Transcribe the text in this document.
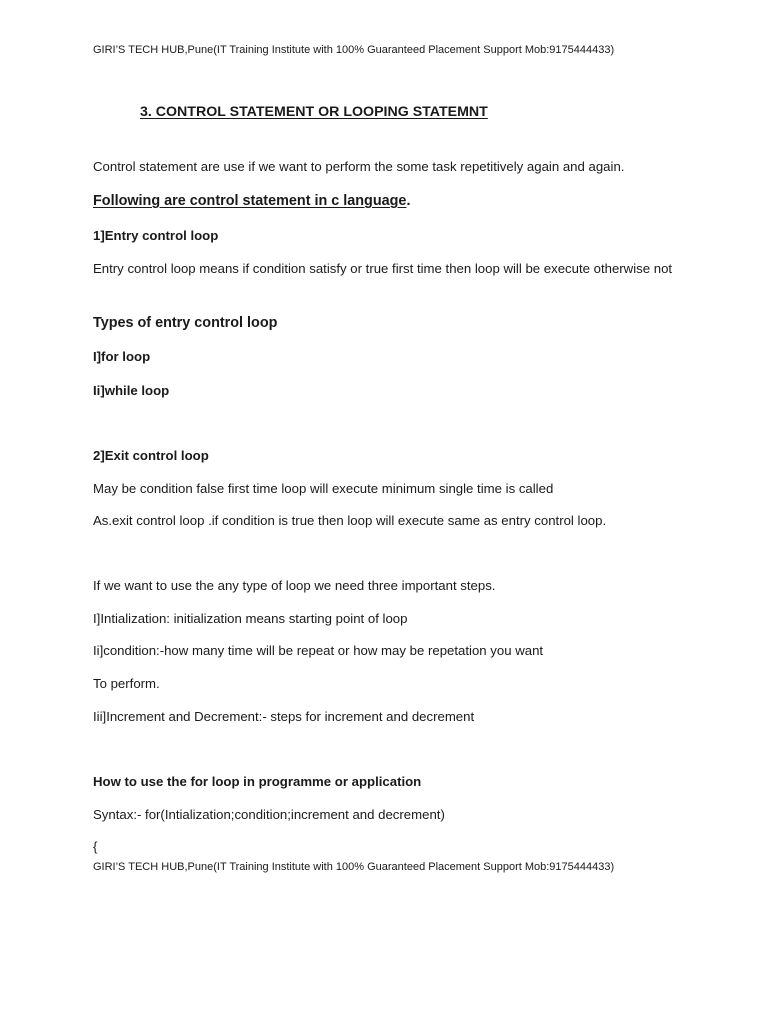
GIRI’S TECH HUB,Pune(IT Training Institute with 100% Guaranteed Placement Support Mob:9175444433)
3. CONTROL STATEMENT OR LOOPING STATEMNT
Control statement are use if we want to perform the some task repetitively again and again.
Following are control statement in c language.
1]Entry control loop
Entry control loop means if condition satisfy or true first time then loop will be execute otherwise not
Types of entry control loop
I]for loop
Ii]while loop
2]Exit control loop
May be condition false first time loop will execute minimum single time is called
As.exit control loop .if condition is true then loop will execute same as entry control loop.
If we want to use the any type of loop we need three important steps.
I]Intialization: initialization means starting point of loop
Ii]condition:-how many time will be repeat or how may be repetation you want
To perform.
Iii]Increment and Decrement:- steps for increment and decrement
How to use the for loop in programme or application
Syntax:- for(Intialization;condition;increment and decrement)
{
GIRI’S TECH HUB,Pune(IT Training Institute with 100% Guaranteed Placement Support Mob:9175444433)
